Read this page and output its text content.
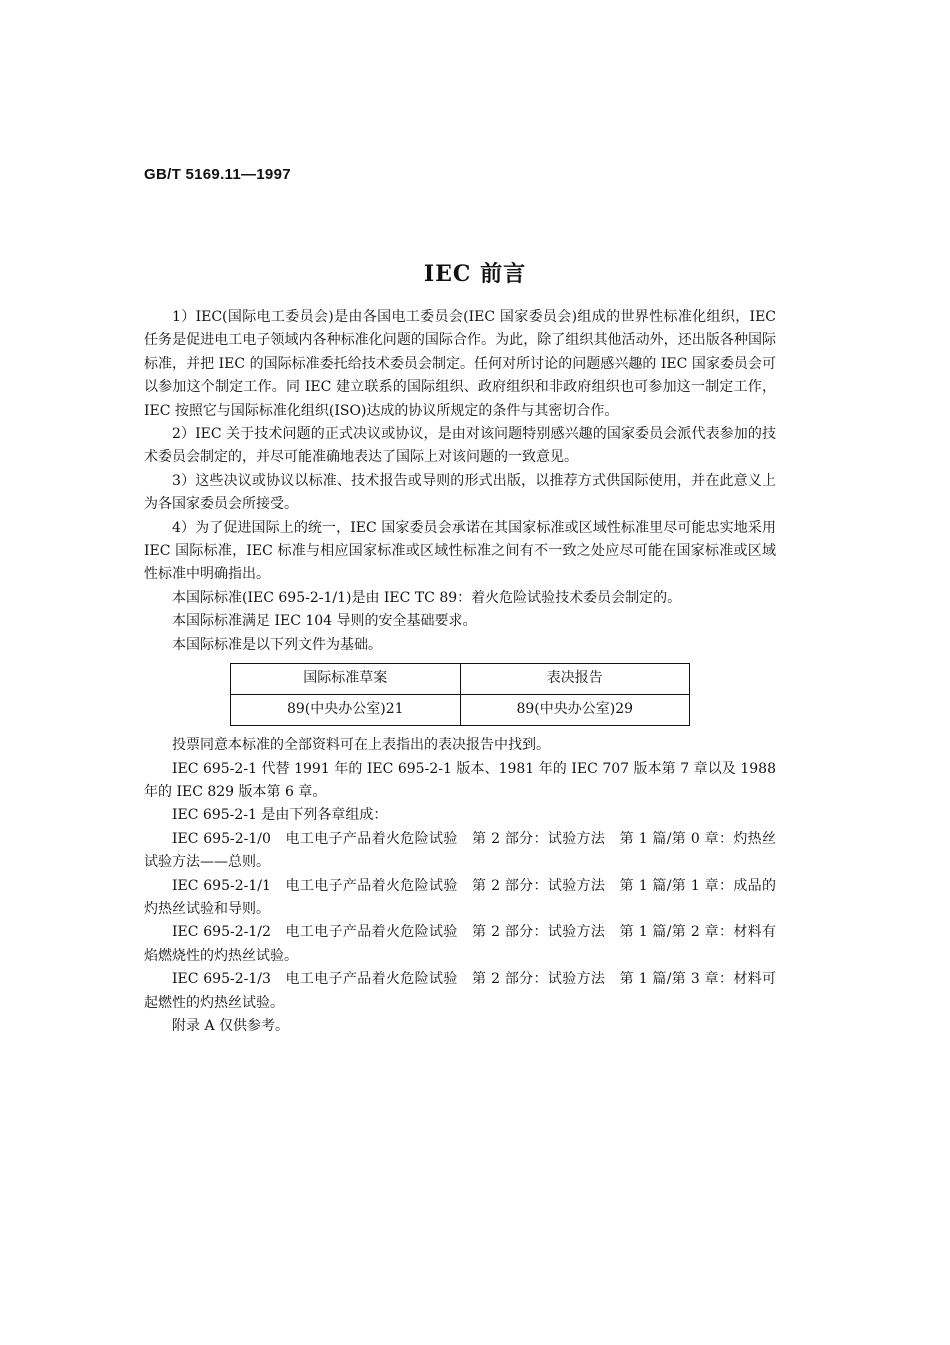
GB/T 5169.11—1997
IEC 前言

1）IEC(国际电工委员会)是由各国电工委员会(IEC 国家委员会)组成的世界性标准化组织，IEC 任务是促进电工电子领域内各种标准化问题的国际合作。为此，除了组织其他活动外，还出版各种国际标准，并把 IEC 的国际标准委托给技术委员会制定。任何对所讨论的问题感兴趣的 IEC 国家委员会可以参加这个制定工作。同 IEC 建立联系的国际组织、政府组织和非政府组织也可参加这一制定工作，IEC 按照它与国际标准化组织(ISO)达成的协议所规定的条件与其密切合作。

2）IEC 关于技术问题的正式决议或协议，是由对该问题特别感兴趣的国家委员会派代表参加的技术委员会制定的，并尽可能准确地表达了国际上对该问题的一致意见。

3）这些决议或协议以标准、技术报告或导则的形式出版，以推荐方式供国际使用，并在此意义上为各国家委员会所接受。

4）为了促进国际上的统一，IEC 国家委员会承诺在其国家标准或区域性标准里尽可能忠实地采用 IEC 国际标准，IEC 标准与相应国家标准或区域性标准之间有不一致之处应尽可能在国家标准或区域性标准中明确指出。

本国际标准(IEC 695-2-1/1)是由 IEC TC 89：着火危险试验技术委员会制定的。

本国际标准满足 IEC 104 导则的安全基础要求。

本国际标准是以下列文件为基础。

国际标准草案	表决报告
89(中央办公室)21	89(中央办公室)29

投票同意本标准的全部资料可在上表指出的表决报告中找到。

IEC 695-2-1 代替 1991 年的 IEC 695-2-1 版本、1981 年的 IEC 707 版本第 7 章以及 1988 年的 IEC 829 版本第 6 章。

IEC 695-2-1 是由下列各章组成：

IEC 695-2-1/0　电工电子产品着火危险试验　第 2 部分：试验方法　第 1 篇/第 0 章：灼热丝试验方法——总则。

IEC 695-2-1/1　电工电子产品着火危险试验　第 2 部分：试验方法　第 1 篇/第 1 章：成品的灼热丝试验和导则。

IEC 695-2-1/2　电工电子产品着火危险试验　第 2 部分：试验方法　第 1 篇/第 2 章：材料有焰燃烧性的灼热丝试验。

IEC 695-2-1/3　电工电子产品着火危险试验　第 2 部分：试验方法　第 1 篇/第 3 章：材料可起燃性的灼热丝试验。

附录 A 仅供参考。
